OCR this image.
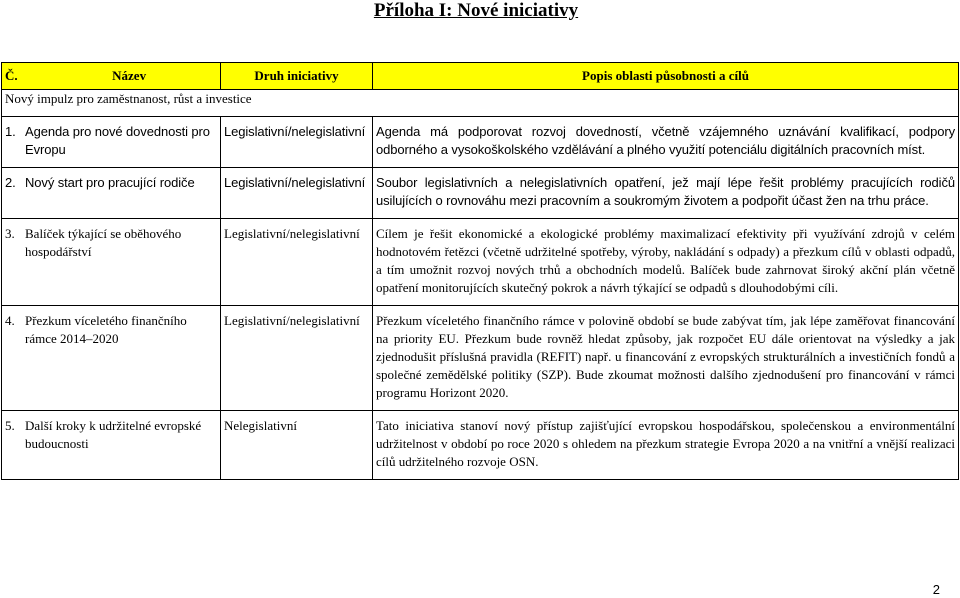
Příloha I: Nové iniciativy
Č. Název	Druh iniciativy	Popis oblasti působnosti a cílů
Nový impulz pro zaměstnanost, růst a investice		

1. Agenda pro nové dovednosti pro Evropu	Legislativní/nelegislativní	Agenda má podporovat rozvoj dovedností, včetně vzájemného uznávání kvalifikací, podpory odborného a vysokoškolského vzdělávání a plného využití potenciálu digitálních pracovních míst.

2. Nový start pro pracující rodiče	Legislativní/nelegislativní	Soubor legislativních a nelegislativních opatření, jež mají lépe řešit problémy pracujících rodičů usilujících o rovnováhu mezi pracovním a soukromým životem a podpořit účast žen na trhu práce.

3. Balíček týkající se oběhového hospodářství	Legislativní/nelegislativní	Cílem je řešit ekonomické a ekologické problémy maximalizací efektivity při využívání zdrojů v celém hodnotovém řetězci (včetně udržitelné spotřeby, výroby, nakládání s odpady) a přezkum cílů v oblasti odpadů, a tím umožnit rozvoj nových trhů a obchodních modelů. Balíček bude zahrnovat široký akční plán včetně opatření monitorujících skutečný pokrok a návrh týkající se odpadů s dlouhodobými cíli.

4. Přezkum víceletého finančního rámce 2014–2020	Legislativní/nelegislativní	Přezkum víceletého finančního rámce v polovině období se bude zabývat tím, jak lépe zaměřovat financování na priority EU. Přezkum bude rovněž hledat způsoby, jak rozpočet EU dále orientovat na výsledky a jak zjednodušit příslušná pravidla (REFIT) např. u financování z evropských strukturálních a investičních fondů a společné zemědělské politiky (SZP). Bude zkoumat možnosti dalšího zjednodušení pro financování v rámci programu Horizont 2020.

5. Další kroky k udržitelné evropské budoucnosti	Nelegislativní	Tato iniciativa stanoví nový přístup zajišťující evropskou hospodářskou, společenskou a environmentální udržitelnost v období po roce 2020 s ohledem na přezkum strategie Evropa 2020 a na vnitřní a vnější realizaci cílů udržitelného rozvoje OSN.
2
